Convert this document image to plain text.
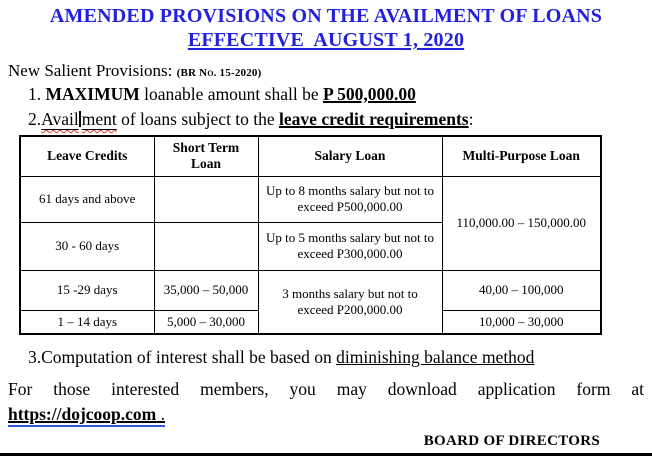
AMENDED PROVISIONS ON THE AVAILMENT OF LOANS
EFFECTIVE  AUGUST 1, 2020
New Salient Provisions: (BR No. 15-2020)
1. MAXIMUM loanable amount shall be P 500,000.00
2.Avail ment of loans subject to the leave credit requirements:
Leave Credits	Short Term Loan	Salary Loan	Multi-Purpose Loan
61 days and above		Up to 8 months salary but not to exceed P500,000.00	110,000.00 – 150,000.00
30 - 60 days		Up to 5 months salary but not to exceed P300,000.00	
15 -29 days	35,000 – 50,000	3 months salary but not to exceed P200,000.00	40,00 – 100,000
1 – 14 days	5,000 – 30,000		10,000 – 30,000
3.Computation of interest shall be based on diminishing balance method
For those interested members, you may download application form at
https://dojcoop.com .
BOARD OF DIRECTORS
